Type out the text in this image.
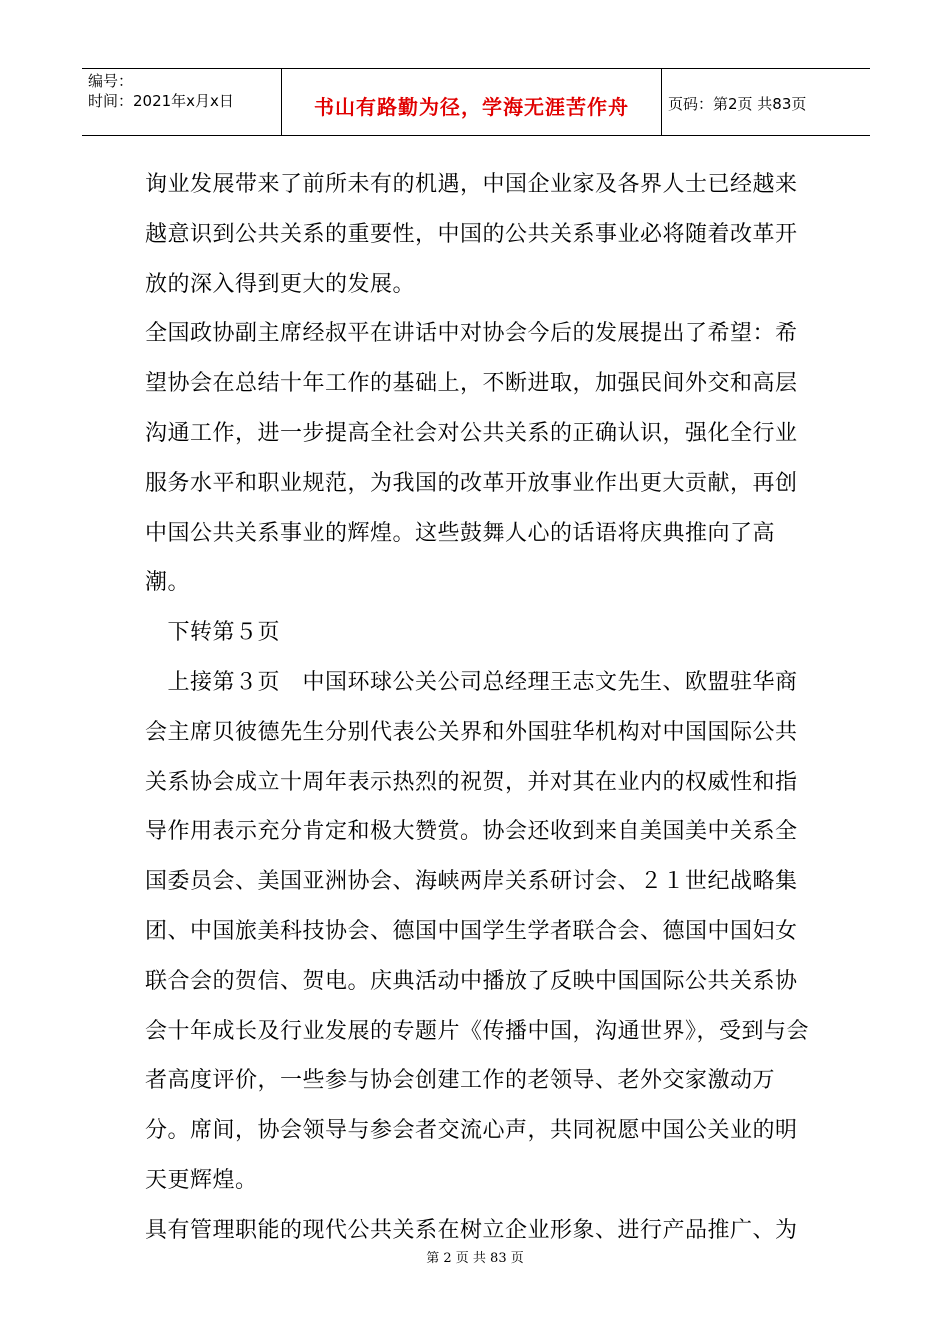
编号：
时间：2021年x月x日	书山有路勤为径，学海无涯苦作舟	页码：第2页 共83页

询业发展带来了前所未有的机遇，中国企业家及各界人士已经越来越意识到公共关系的重要性，中国的公共关系事业必将随着改革开放的深入得到更大的发展。

全国政协副主席经叔平在讲话中对协会今后的发展提出了希望：希望协会在总结十年工作的基础上，不断进取，加强民间外交和高层沟通工作，进一步提高全社会对公共关系的正确认识，强化全行业服务水平和职业规范，为我国的改革开放事业作出更大贡献，再创中国公共关系事业的辉煌。这些鼓舞人心的话语将庆典推向了高潮。

　下转第５页

　上接第３页　中国环球公关公司总经理王志文先生、欧盟驻华商会主席贝彼德先生分别代表公关界和外国驻华机构对中国国际公共关系协会成立十周年表示热烈的祝贺，并对其在业内的权威性和指导作用表示充分肯定和极大赞赏。协会还收到来自美国美中关系全国委员会、美国亚洲协会、海峡两岸关系研讨会、２１世纪战略集团、中国旅美科技协会、德国中国学生学者联合会、德国中国妇女联合会的贺信、贺电。庆典活动中播放了反映中国国际公共关系协会十年成长及行业发展的专题片《传播中国，沟通世界》，受到与会者高度评价，一些参与协会创建工作的老领导、老外交家激动万分。席间，协会领导与参会者交流心声，共同祝愿中国公关业的明天更辉煌。

具有管理职能的现代公共关系在树立企业形象、进行产品推广、为

第 2 页 共 83 页
